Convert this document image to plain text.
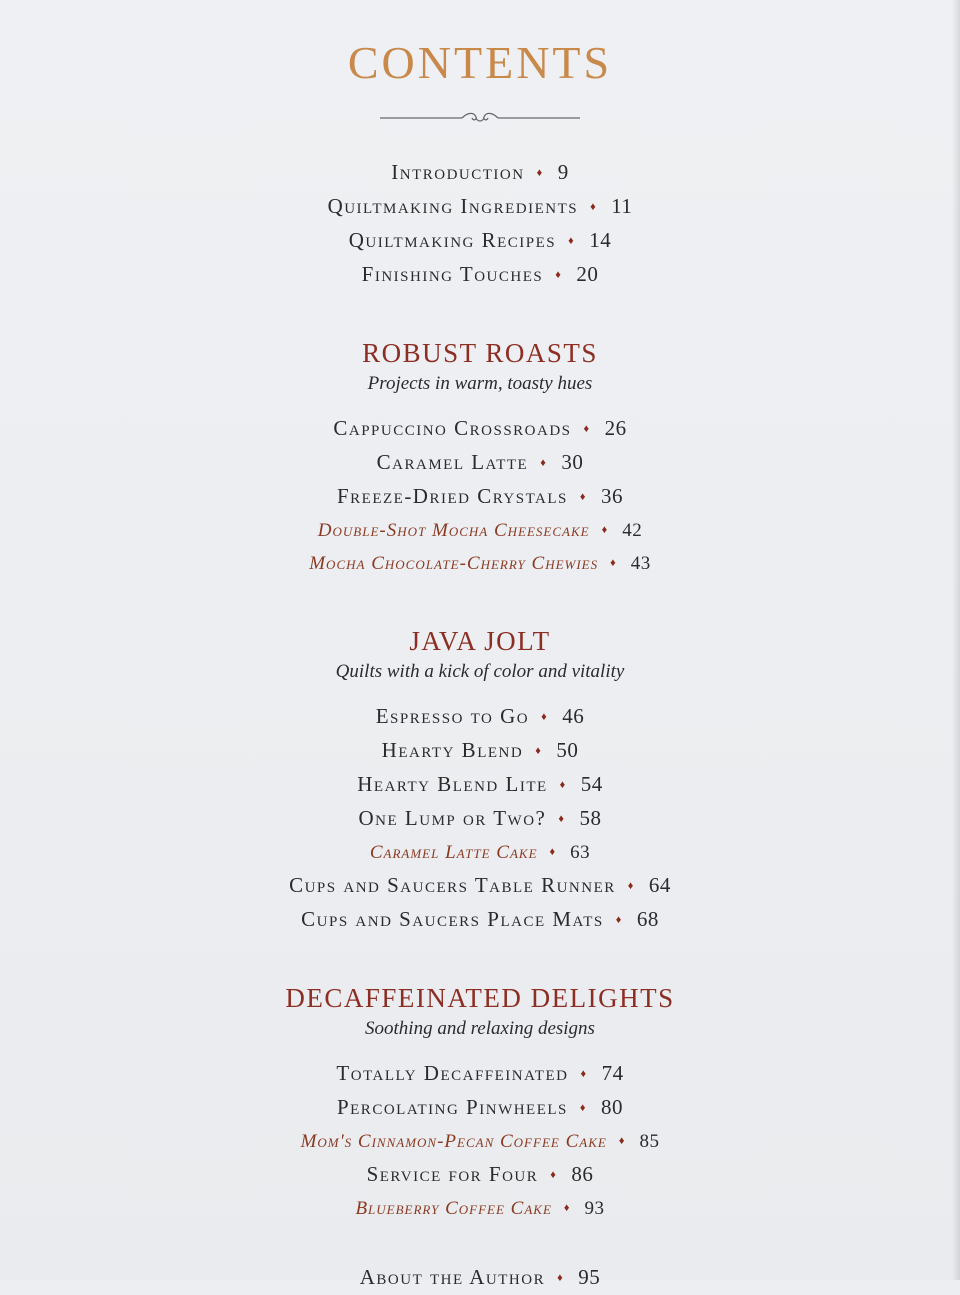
CONTENTS
Introduction ♦ 9
Quiltmaking Ingredients ♦ 11
Quiltmaking Recipes ♦ 14
Finishing Touches ♦ 20
ROBUST ROASTS

Projects in warm, toasty hues

Cappuccino Crossroads ♦ 26
Caramel Latte ♦ 30
Freeze-Dried Crystals ♦ 36
Double-Shot Mocha Cheesecake ♦ 42
Mocha Chocolate-Cherry Chewies ♦ 43
JAVA JOLT

Quilts with a kick of color and vitality

Espresso to Go ♦ 46
Hearty Blend ♦ 50
Hearty Blend Lite ♦ 54
One Lump or Two? ♦ 58
Caramel Latte Cake ♦ 63
Cups and Saucers Table Runner ♦ 64
Cups and Saucers Place Mats ♦ 68
DECAFFEINATED DELIGHTS

Soothing and relaxing designs

Totally Decaffeinated ♦ 74
Percolating Pinwheels ♦ 80
Mom's Cinnamon-Pecan Coffee Cake ♦ 85
Service for Four ♦ 86
Blueberry Coffee Cake ♦ 93
About the Author ♦ 95
